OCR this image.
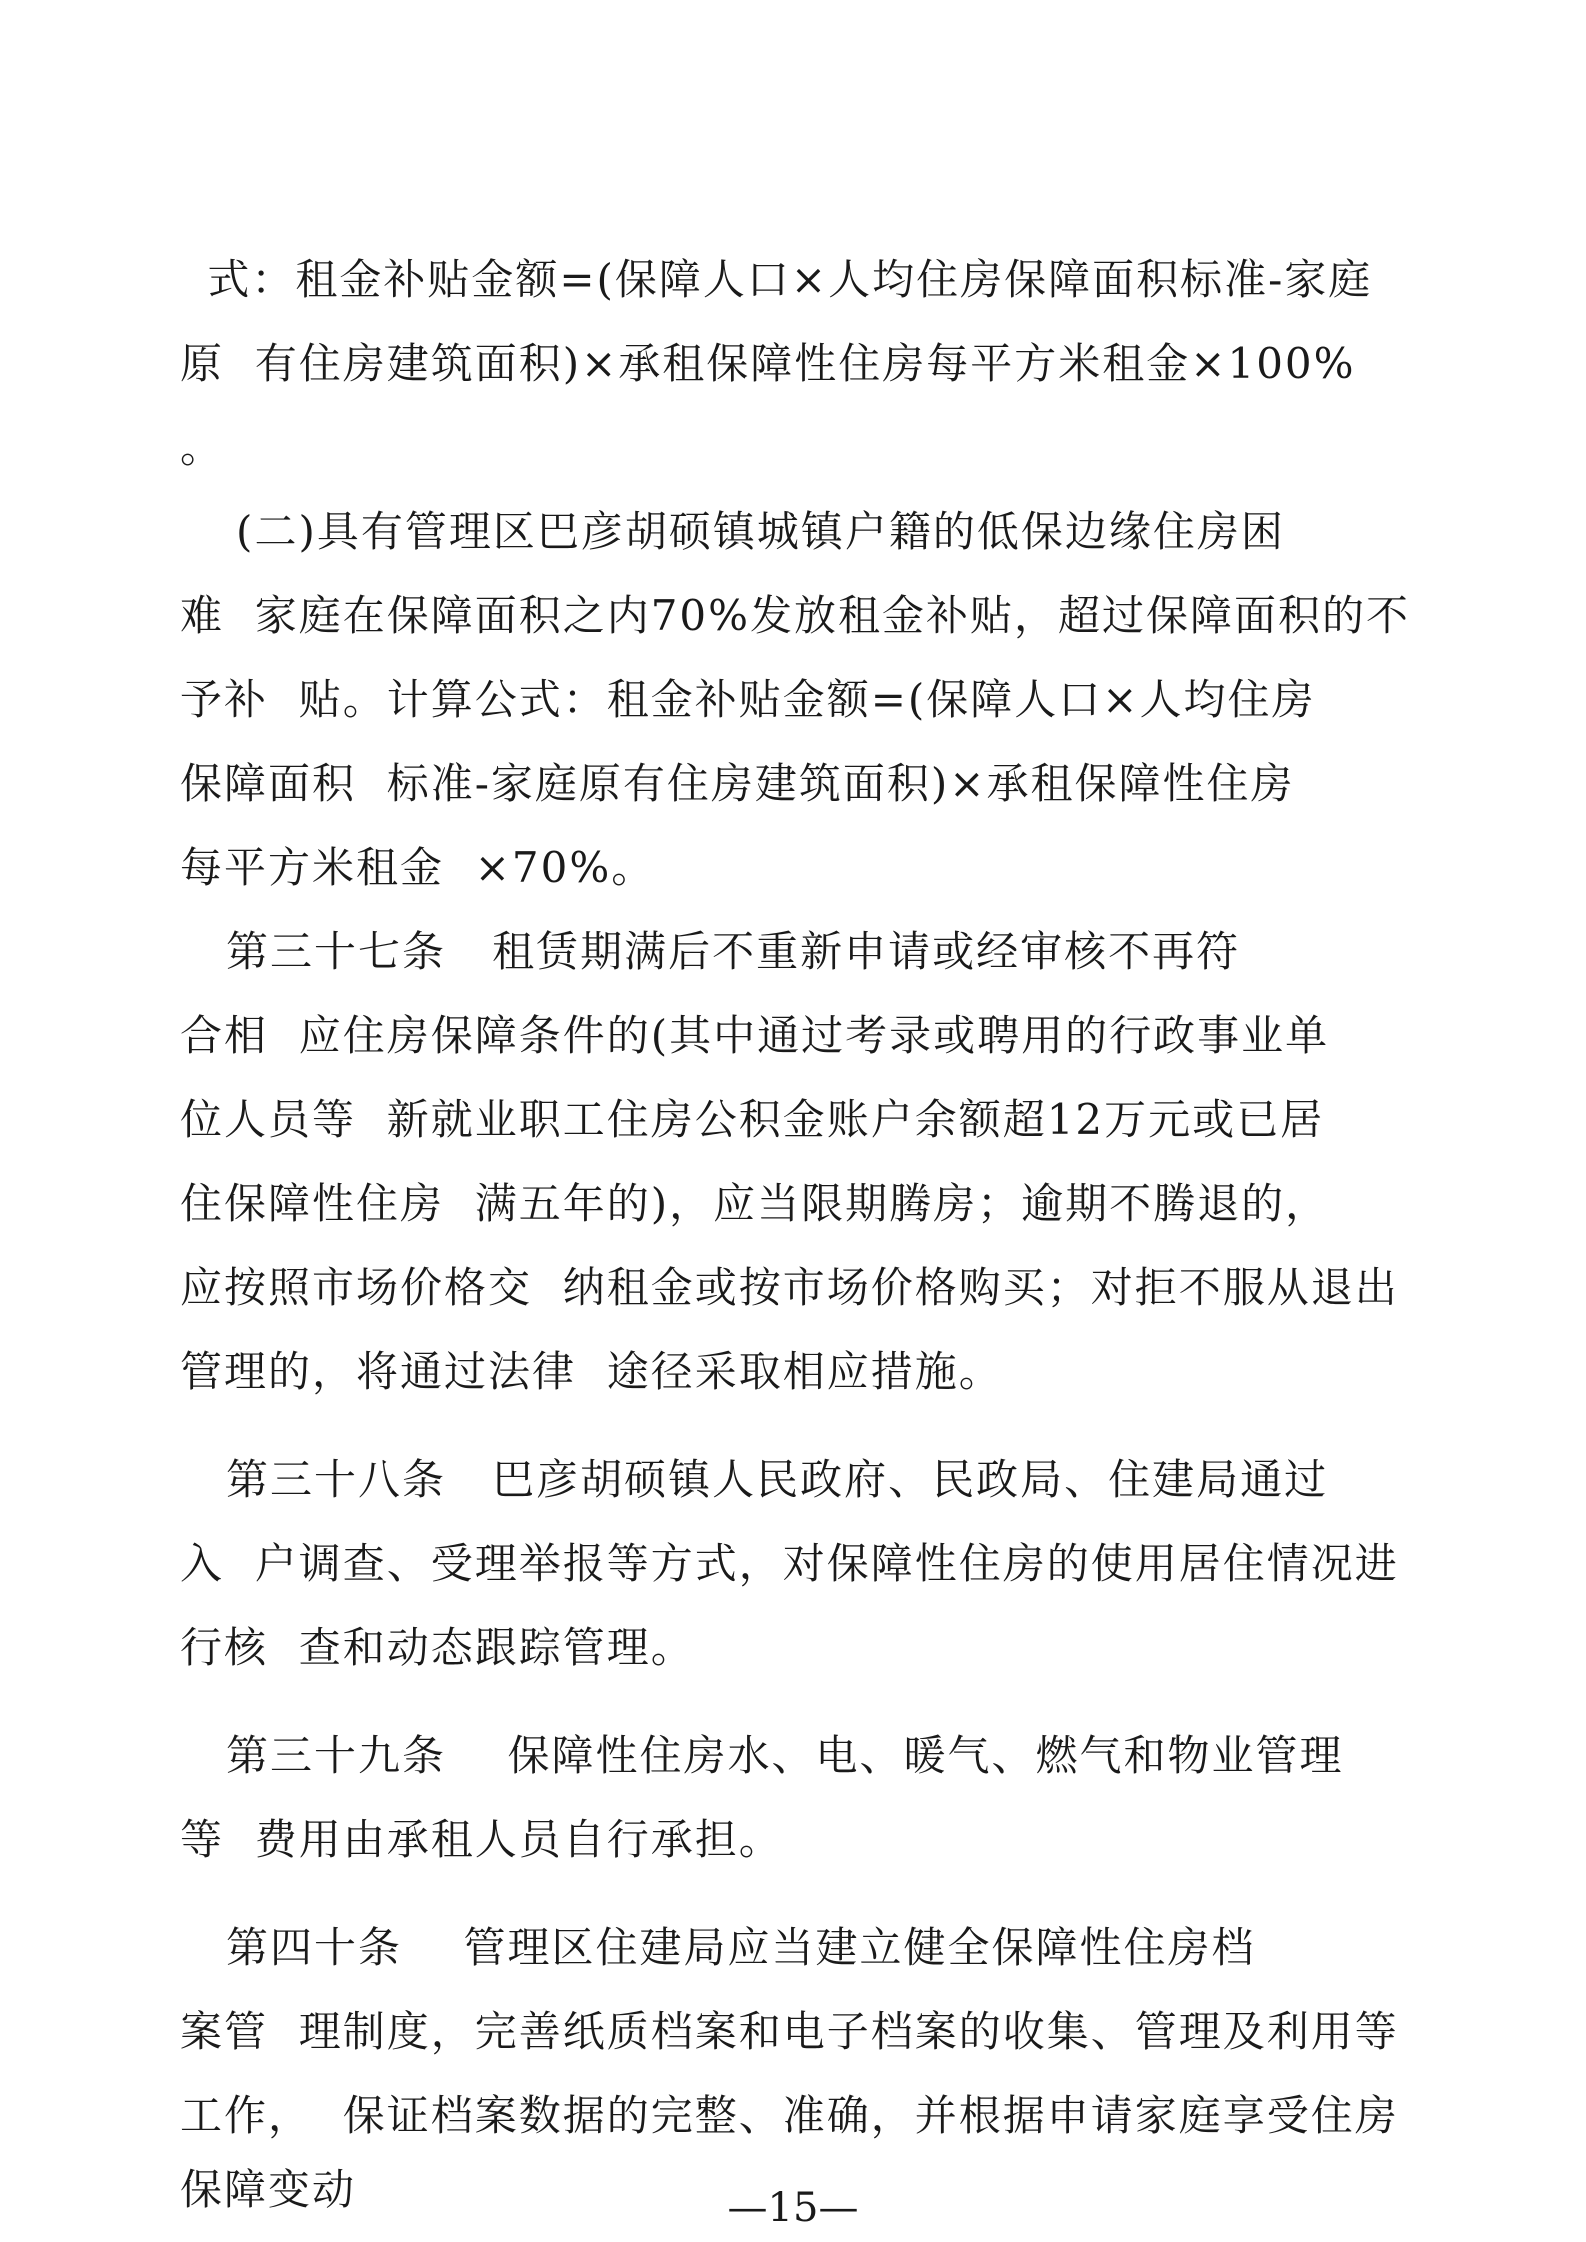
式：租金补贴金额=(保障人口×人均住房保障面积标准-家庭
原  有住房建筑面积)×承租保障性住房每平方米租金×100%
。
(二)具有管理区巴彦胡硕镇城镇户籍的低保边缘住房困
难  家庭在保障面积之内70%发放租金补贴，超过保障面积的不
予补  贴。计算公式：租金补贴金额=(保障人口×人均住房
保障面积  标准-家庭原有住房建筑面积)×承租保障性住房
每平方米租金  ×70%。
第三十七条   租赁期满后不重新申请或经审核不再符
合相  应住房保障条件的(其中通过考录或聘用的行政事业单
位人员等  新就业职工住房公积金账户余额超12万元或已居
住保障性住房  满五年的)，应当限期腾房；逾期不腾退的，
应按照市场价格交  纳租金或按市场价格购买；对拒不服从退出
管理的，将通过法律  途径采取相应措施。
第三十八条   巴彦胡硕镇人民政府、民政局、住建局通过
入  户调查、受理举报等方式，对保障性住房的使用居住情况进
行核  查和动态跟踪管理。
第三十九条    保障性住房水、电、暖气、燃气和物业管理
等  费用由承租人员自行承担。
第四十条    管理区住建局应当建立健全保障性住房档
案管  理制度，完善纸质档案和电子档案的收集、管理及利用等
工作，  保证档案数据的完整、准确，并根据申请家庭享受住房
保障变动	—15—
